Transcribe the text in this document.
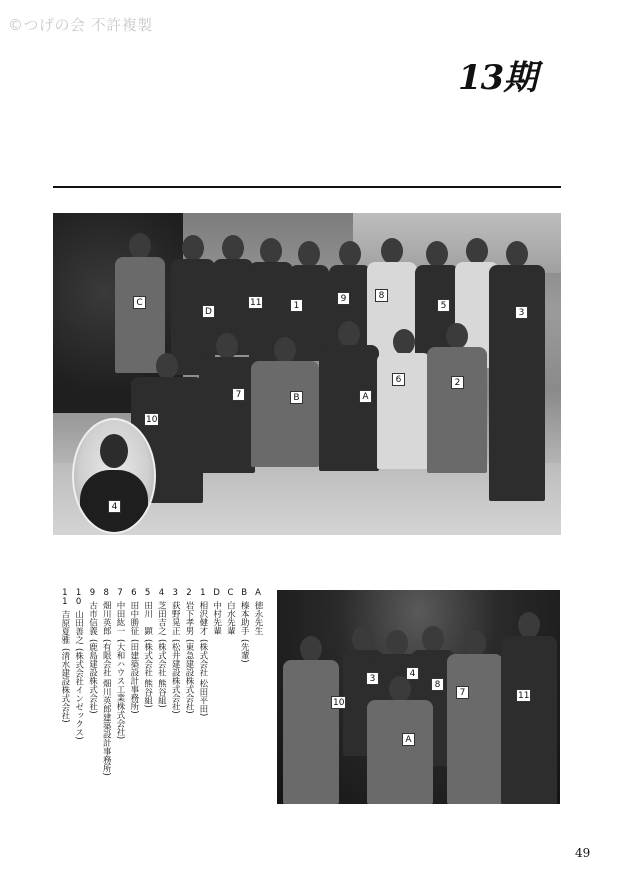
©つげの会 不許複製
13期
C
D
11	1
9	8
5
3
10
7	B	A
6	2
4
A徳永先生
B榛本助手(先輩)
C白水先輩
D中村先輩
1相沢健才(株式会社 松田平田)
2岩下孝男(東急建設株式会社)
3荻野晃正(松井建設株式会社)
4芝田吉之(株式会社 熊谷組)
5田川　顕(株式会社 熊谷組)
6田中勝征(田建築設計事務所)
7中田紘一(大和ハウス工業株式会社)
8畑川英郎(有限会社 畑川英郎建築設計事務所)
9古市信義(鹿島建設株式会社)
10山田善之(株式会社インゼックス)
11吉原夏雅(清水建設株式会社)	10
3	4
8
7	11
A
49
